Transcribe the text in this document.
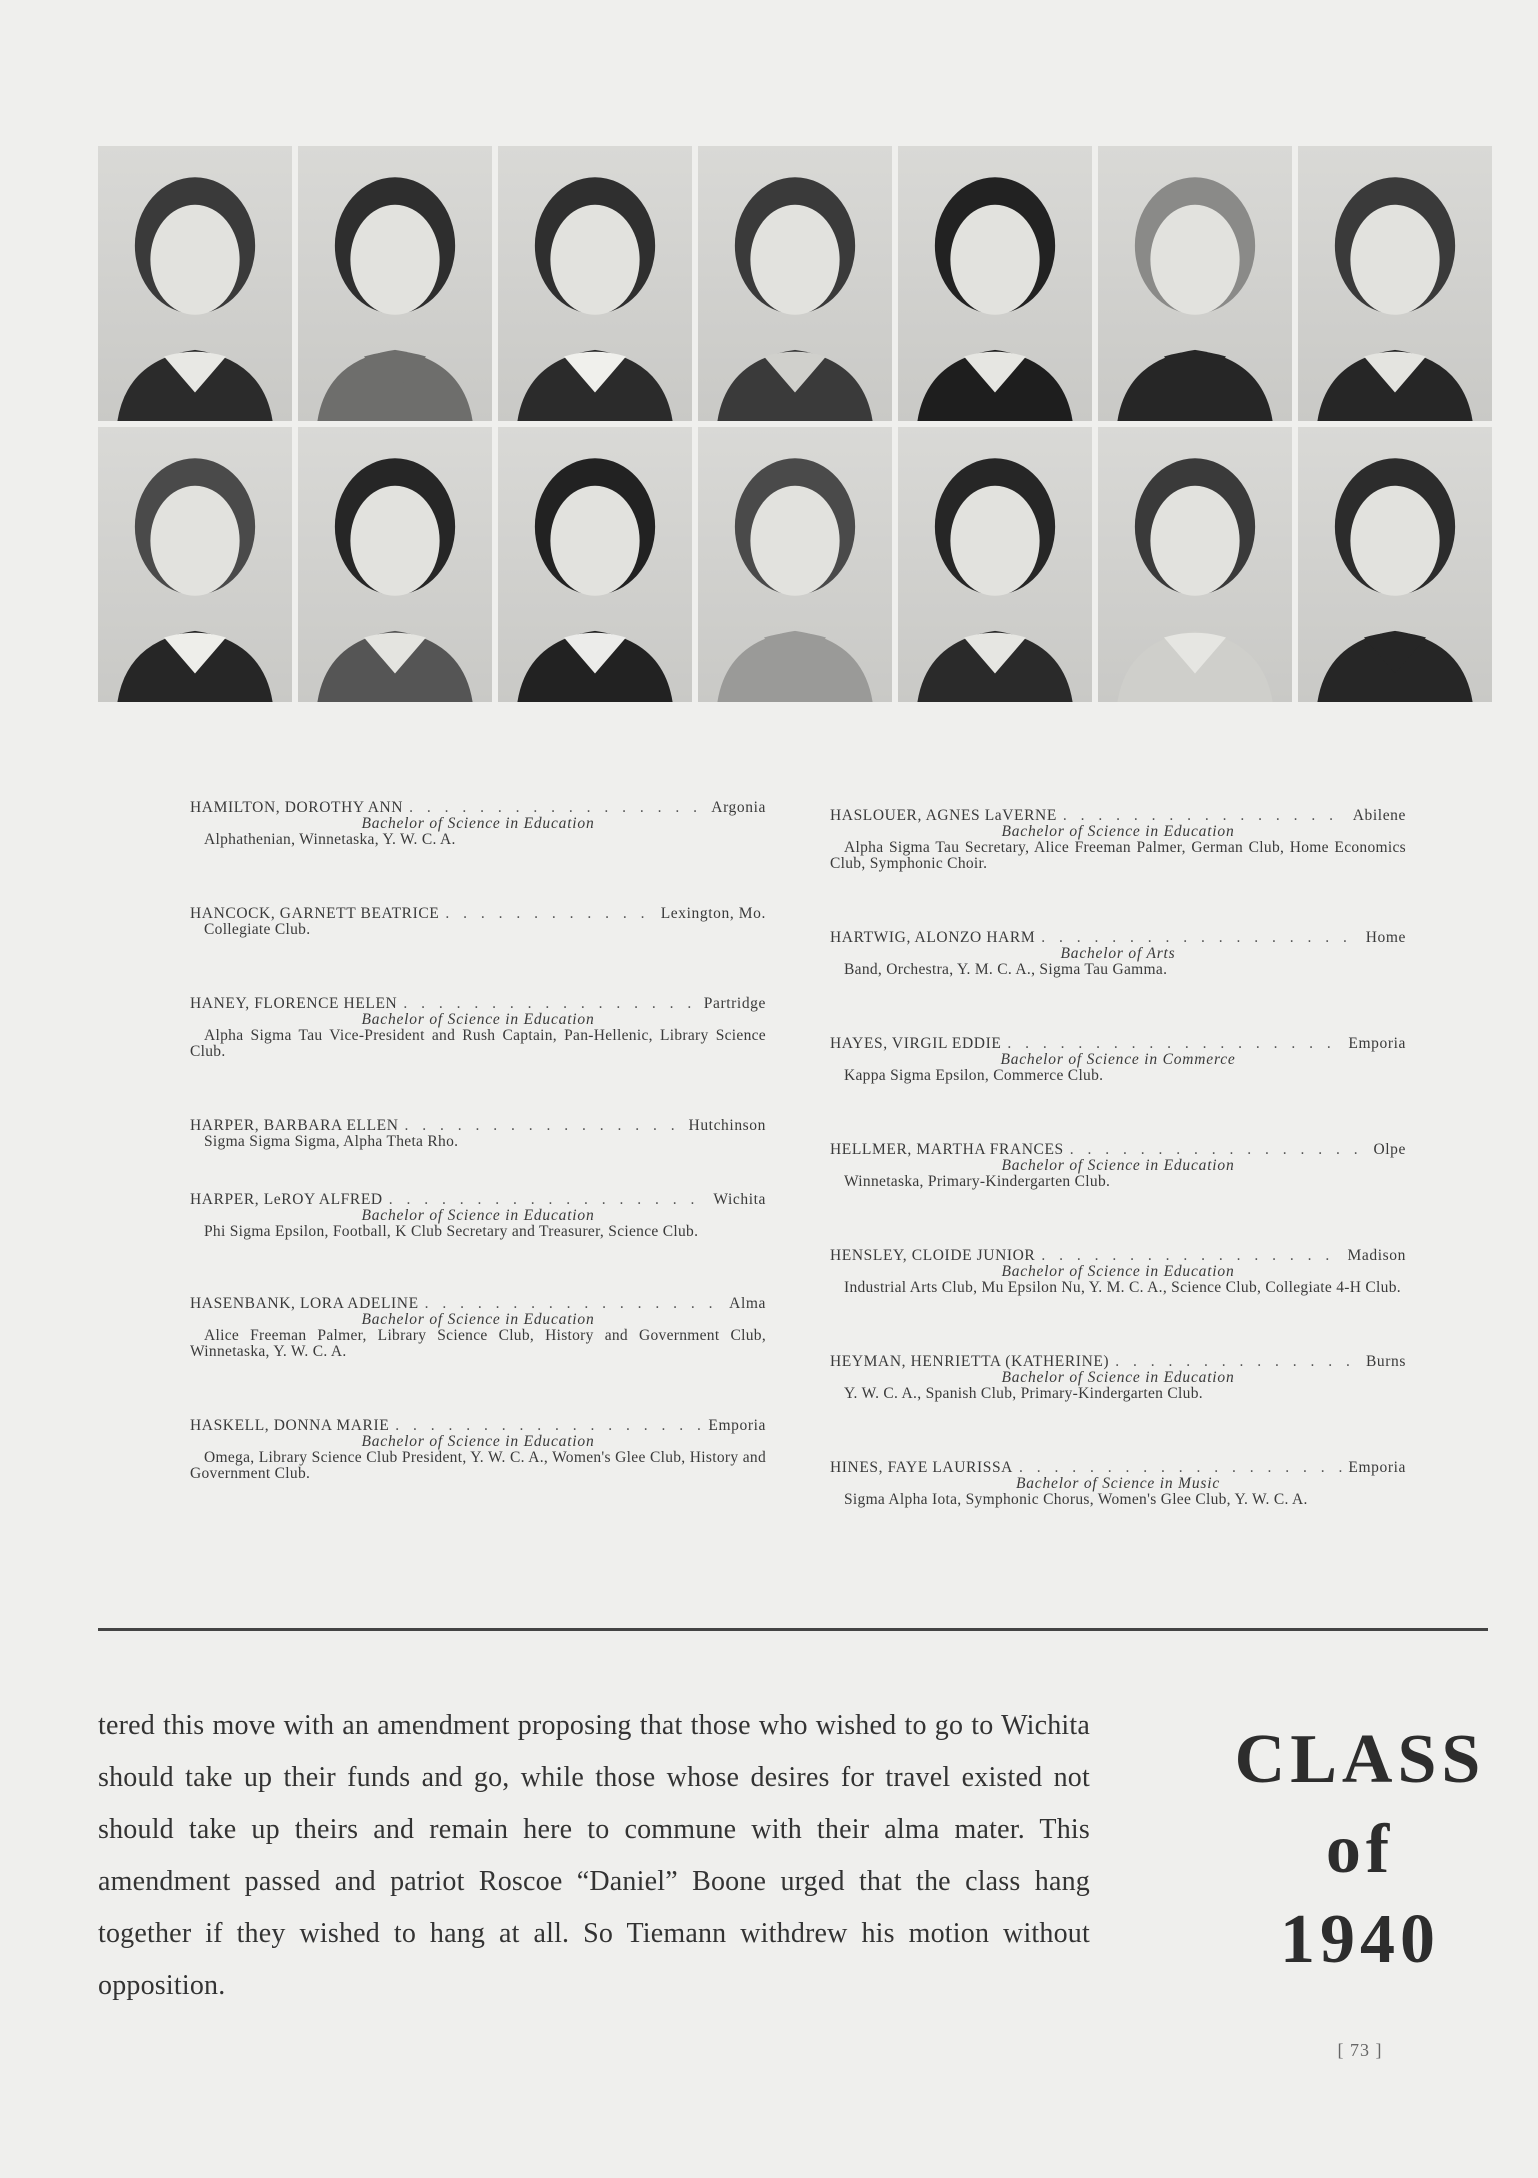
HAMILTON, DOROTHY ANN . . .	Argonia
Bachelor of Science in Education
Alphathenian, Winnetaska, Y. W. C. A.
HANCOCK, GARNETT BEATRICE . . .	Lexington, Mo.
Collegiate Club.
HANEY, FLORENCE HELEN . . .	Partridge
Bachelor of Science in Education
Alpha Sigma Tau Vice-President and Rush Captain, Pan-Hellenic, Library Science Club.
HARPER, BARBARA ELLEN . . .	Hutchinson
Sigma Sigma Sigma, Alpha Theta Rho.
HARPER, LeROY ALFRED . . .	Wichita
Bachelor of Science in Education
Phi Sigma Epsilon, Football, K Club Secretary and Treasurer, Science Club.
HASENBANK, LORA ADELINE . . .	Alma
Bachelor of Science in Education
Alice Freeman Palmer, Library Science Club, History and Government Club, Winnetaska, Y. W. C. A.
HASKELL, DONNA MARIE . . .	Emporia
Bachelor of Science in Education
Omega, Library Science Club President, Y. W. C. A., Women's Glee Club, History and Government Club.
HASLOUER, AGNES LaVERNE . . .	Abilene
Bachelor of Science in Education
Alpha Sigma Tau Secretary, Alice Freeman Palmer, German Club, Home Economics Club, Symphonic Choir.
HARTWIG, ALONZO HARM . . .	Home
Bachelor of Arts
Band, Orchestra, Y. M. C. A., Sigma Tau Gamma.
HAYES, VIRGIL EDDIE . . .	Emporia
Bachelor of Science in Commerce
Kappa Sigma Epsilon, Commerce Club.
HELLMER, MARTHA FRANCES . . .	Olpe
Bachelor of Science in Education
Winnetaska, Primary-Kindergarten Club.
HENSLEY, CLOIDE JUNIOR . . .	Madison
Bachelor of Science in Education
Industrial Arts Club, Mu Epsilon Nu, Y. M. C. A., Science Club, Collegiate 4-H Club.
HEYMAN, HENRIETTA (KATHERINE) . . .	Burns
Bachelor of Science in Education
Y. W. C. A., Spanish Club, Primary-Kindergarten Club.
HINES, FAYE LAURISSA . . .	Emporia
Bachelor of Science in Music
Sigma Alpha Iota, Symphonic Chorus, Women's Glee Club, Y. W. C. A.

tered this move with an amendment proposing that those who wished to go to Wichita should take up their funds and go, while those whose desires for travel existed not should take up theirs and remain here to commune with their alma mater. This amendment passed and patriot Roscoe “Daniel” Boone urged that the class hang together if they wished to hang at all. So Tiemann withdrew his motion without opposition.

CLASS
of
1940
[ 73 ]
